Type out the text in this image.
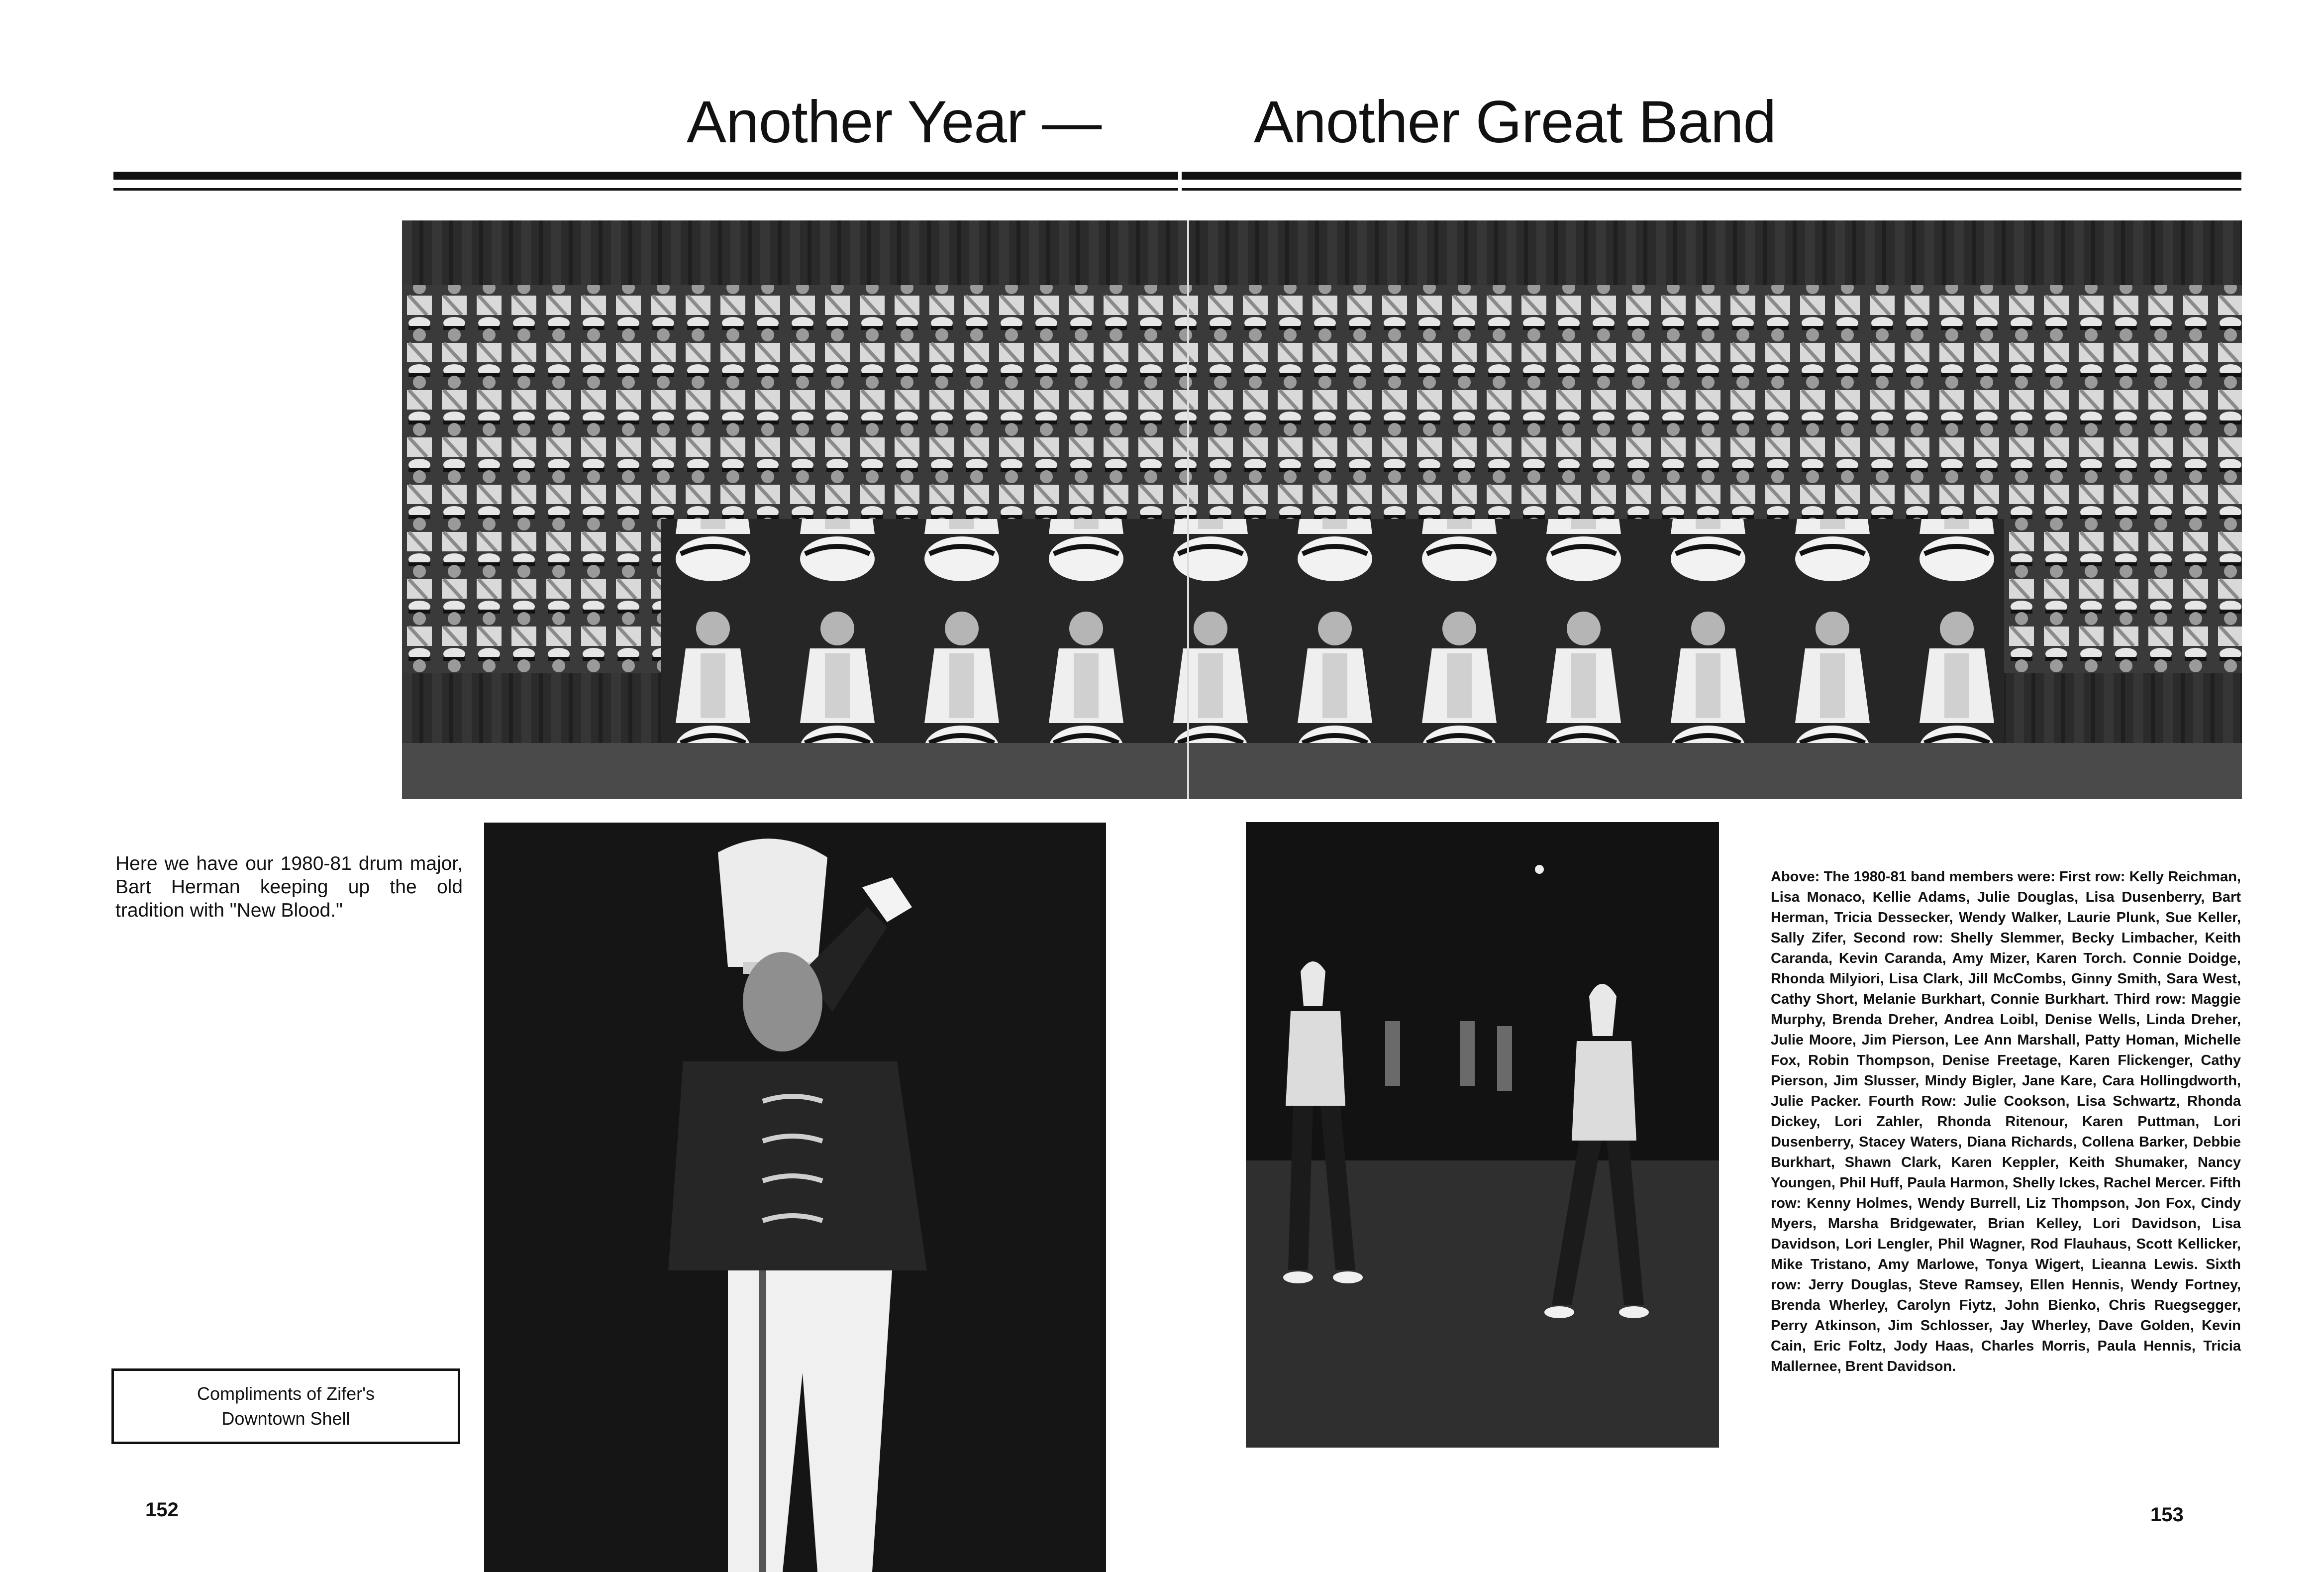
Another Year —	Another Great Band
Here we have our 1980-81 drum major, Bart Herman keeping up the old tradition with "New Blood."
Compliments of Zifer's
Downtown Shell
152
Above: The 1980-81 band members were: First row: Kelly Reichman, Lisa Monaco, Kellie Adams, Julie Douglas, Lisa Dusenberry, Bart Herman, Tricia Dessecker, Wendy Walker, Laurie Plunk, Sue Keller, Sally Zifer, Second row: Shelly Slemmer, Becky Limbacher, Keith Caranda, Kevin Caranda, Amy Mizer, Karen Torch. Connie Doidge, Rhonda Milyiori, Lisa Clark, Jill McCombs, Ginny Smith, Sara West, Cathy Short, Melanie Burkhart, Connie Burkhart. Third row: Maggie Murphy, Brenda Dreher, Andrea Loibl, Denise Wells, Linda Dreher, Julie Moore, Jim Pierson, Lee Ann Marshall, Patty Homan, Michelle Fox, Robin Thompson, Denise Freetage, Karen Flickenger, Cathy Pierson, Jim Slusser, Mindy Bigler, Jane Kare, Cara Hollingdworth, Julie Packer. Fourth Row: Julie Cookson, Lisa Schwartz, Rhonda Dickey, Lori Zahler, Rhonda Ritenour, Karen Puttman, Lori Dusenberry, Stacey Waters, Diana Richards, Collena Barker, Debbie Burkhart, Shawn Clark, Karen Keppler, Keith Shumaker, Nancy Youngen, Phil Huff, Paula Harmon, Shelly Ickes, Rachel Mercer. Fifth row: Kenny Holmes, Wendy Burrell, Liz Thompson, Jon Fox, Cindy Myers, Marsha Bridgewater, Brian Kelley, Lori Davidson, Lisa Davidson, Lori Lengler, Phil Wagner, Rod Flauhaus, Scott Kellicker, Mike Tristano, Amy Marlowe, Tonya Wigert, Lieanna Lewis. Sixth row: Jerry Douglas, Steve Ramsey, Ellen Hennis, Wendy Fortney, Brenda Wherley, Carolyn Fiytz, John Bienko, Chris Ruegsegger, Perry Atkinson, Jim Schlosser, Jay Wherley, Dave Golden, Kevin Cain, Eric Foltz, Jody Haas, Charles Morris, Paula Hennis, Tricia Mallernee, Brent Davidson.
153
